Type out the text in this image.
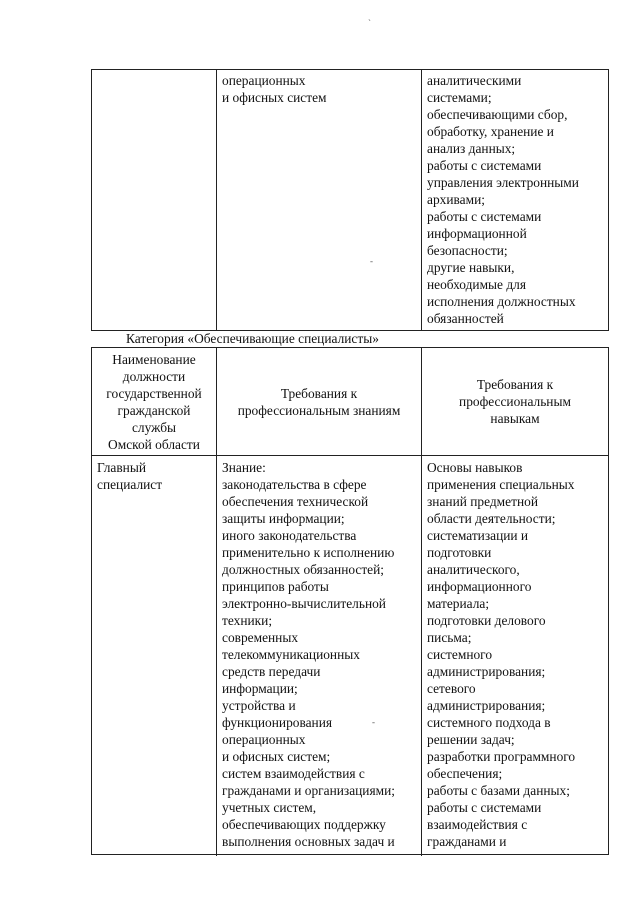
`
-
-
операционных
и офисных систем
аналитическими
системами;
обеспечивающими сбор,
обработку, хранение и
анализ данных;
работы с системами
управления электронными
архивами;
работы с системами
информационной
безопасности;
другие навыки,
необходимые для
исполнения должностных
обязанностей
Категория «Обеспечивающие специалисты»
Наименование
должности
государственной
гражданской
службы
Омской области
Требования к
профессиональным знаниям
Требования к
профессиональным
навыкам
Главный
специалист
Знание:
законодательства в сфере
обеспечения технической
защиты информации;
иного законодательства
применительно к исполнению
должностных обязанностей;
принципов работы
электронно-вычислительной
техники;
современных
телекоммуникационных
средств передачи
информации;
устройства и
функционирования
операционных
и офисных систем;
систем взаимодействия с
гражданами и организациями;
учетных систем,
обеспечивающих поддержку
выполнения основных задач и
Основы навыков
применения специальных
знаний предметной
области деятельности;
систематизации и
подготовки
аналитического,
информационного
материала;
подготовки делового
письма;
системного
администрирования;
сетевого
администрирования;
системного подхода в
решении задач;
разработки программного
обеспечения;
работы с базами данных;
работы с системами
взаимодействия с
гражданами и
